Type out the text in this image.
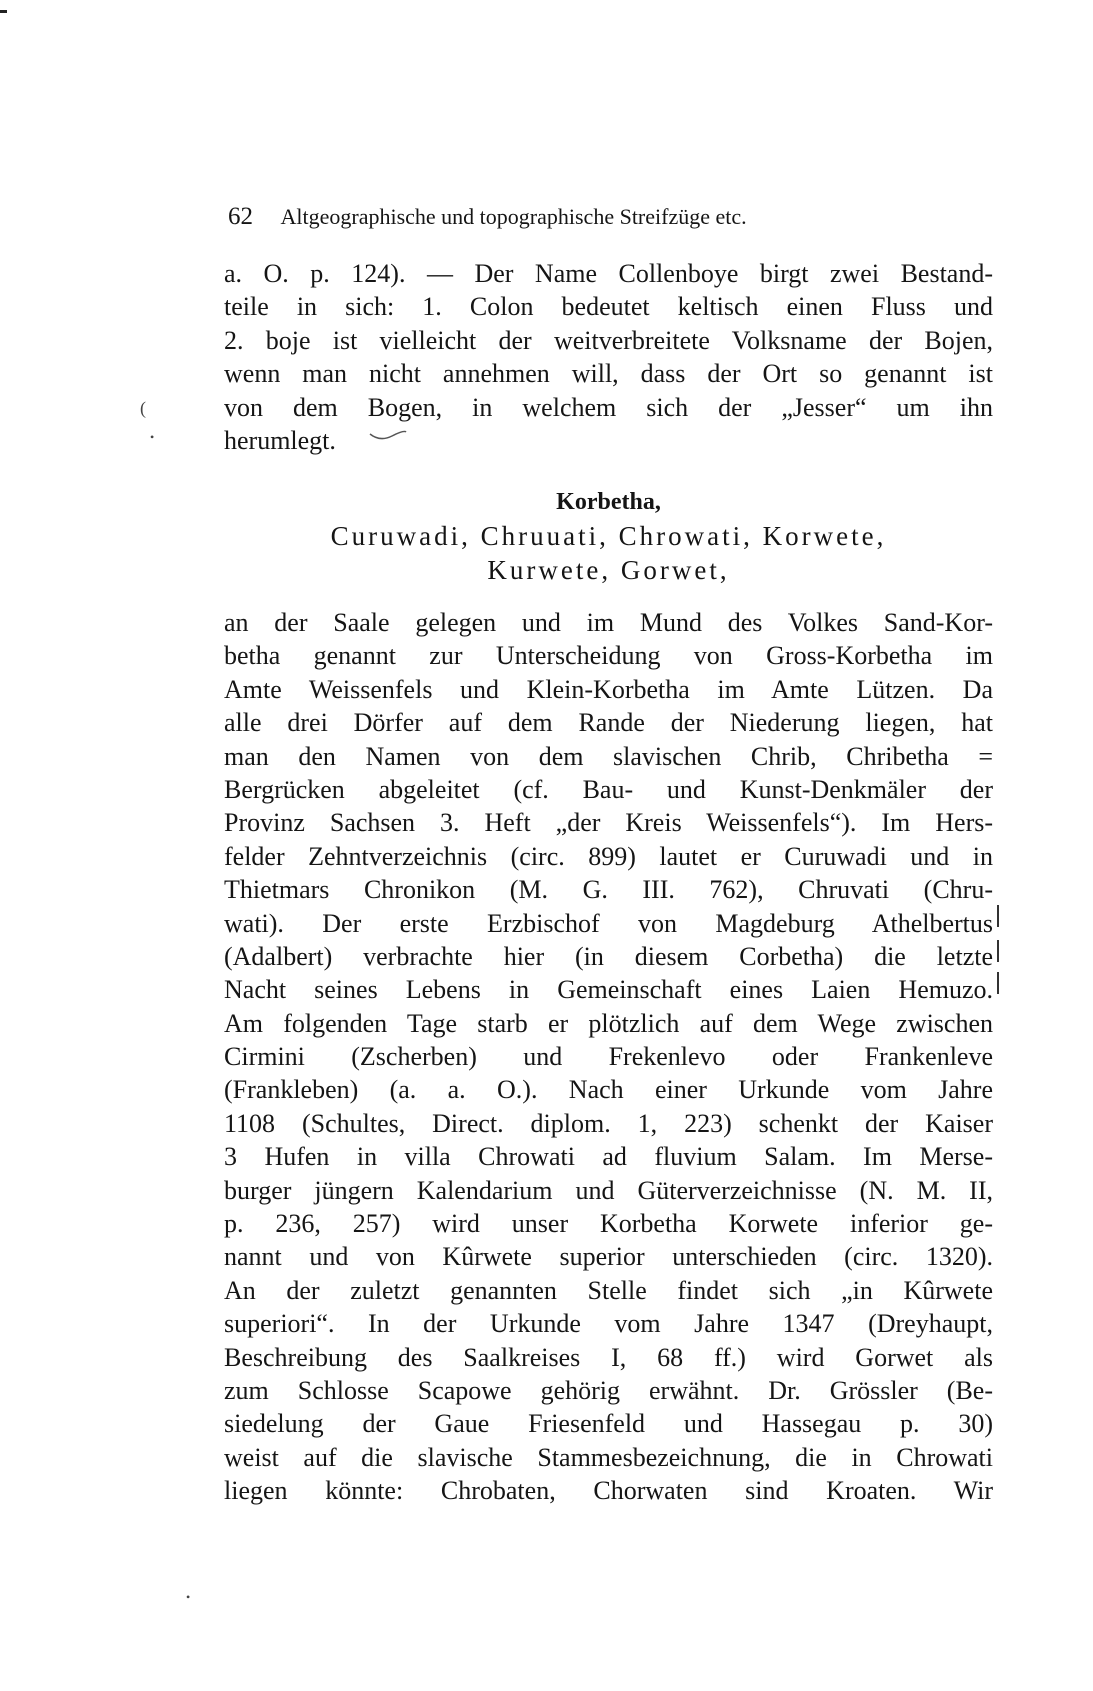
62 Altgeographische und topographische Streifzüge etc.
a. O. p. 124). — Der Name Collenboye birgt zwei Bestand-
teile in sich: 1. Colon bedeutet keltisch einen Fluss und
2. boje ist vielleicht der weitverbreitete Volksname der Bojen,
wenn man nicht annehmen will, dass der Ort so genannt ist
von dem Bogen, in welchem sich der „Jesser“ um ihn
herumlegt.
(
•
Korbetha,
Curuwadi, Chruuati, Chrowati, Korwete,
Kurwete, Gorwet,
an der Saale gelegen und im Mund des Volkes Sand-Kor-
betha genannt zur Unterscheidung von Gross-Korbetha im
Amte Weissenfels und Klein-Korbetha im Amte Lützen. Da
alle drei Dörfer auf dem Rande der Niederung liegen, hat
man den Namen von dem slavischen Chrib, Chribetha =
Bergrücken abgeleitet (cf. Bau- und Kunst-Denkmäler der
Provinz Sachsen 3. Heft „der Kreis Weissenfels“). Im Hers-
felder Zehntverzeichnis (circ. 899) lautet er Curuwadi und in
Thietmars Chronikon (M. G. III. 762), Chruvati (Chru-
wati). Der erste Erzbischof von Magdeburg Athelbertus
(Adalbert) verbrachte hier (in diesem Corbetha) die letzte
Nacht seines Lebens in Gemeinschaft eines Laien Hemuzo.
Am folgenden Tage starb er plötzlich auf dem Wege zwischen
Cirmini (Zscherben) und Frekenlevo oder Frankenleve
(Frankleben) (a. a. O.). Nach einer Urkunde vom Jahre
1108 (Schultes, Direct. diplom. 1, 223) schenkt der Kaiser
3 Hufen in villa Chrowati ad fluvium Salam. Im Merse-
burger jüngern Kalendarium und Güterverzeichnisse (N. M. II,
p. 236, 257) wird unser Korbetha Korwete inferior ge-
nannt und von Kûrwete superior unterschieden (circ. 1320).
An der zuletzt genannten Stelle findet sich „in Kûrwete
superiori“. In der Urkunde vom Jahre 1347 (Dreyhaupt,
Beschreibung des Saalkreises I, 68 ff.) wird Gorwet als
zum Schlosse Scapowe gehörig erwähnt. Dr. Grössler (Be-
siedelung der Gaue Friesenfeld und Hassegau p. 30)
weist auf die slavische Stammesbezeichnung, die in Chrowati
liegen könnte: Chrobaten, Chorwaten sind Kroaten. Wir
•
